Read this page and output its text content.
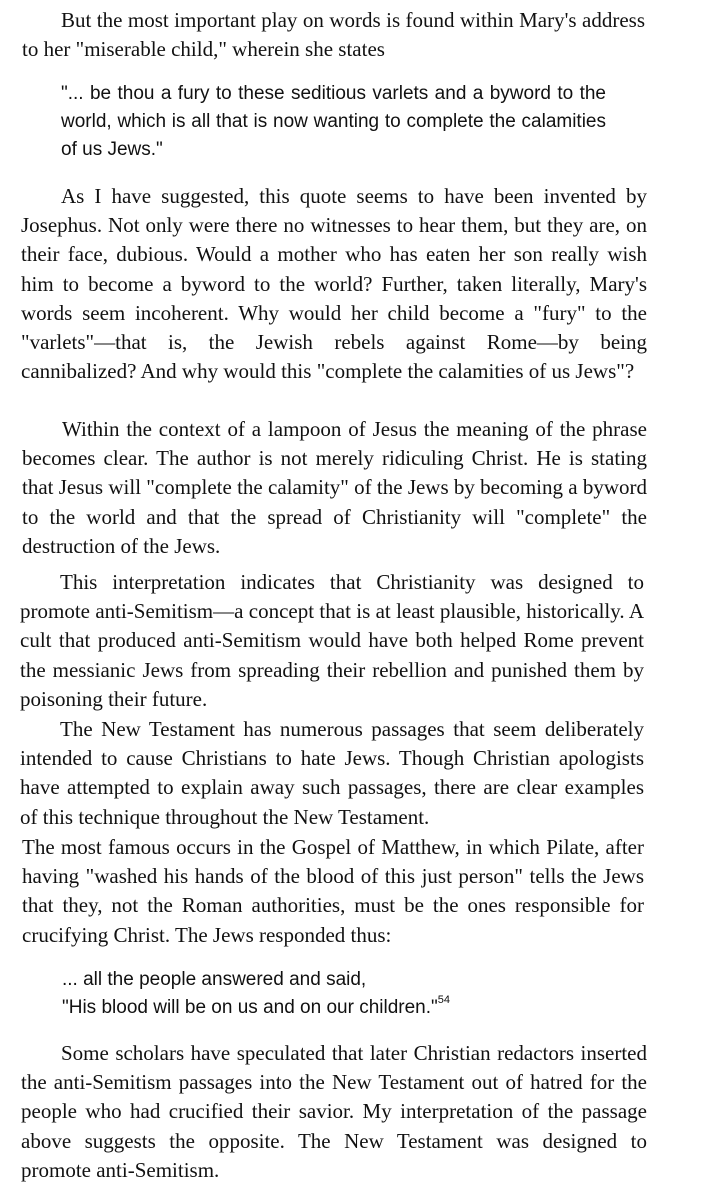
But the most important play on words is found within Mary's address to her "miserable child," wherein she states

"... be thou a fury to these seditious varlets and a byword to the world, which is all that is now wanting to complete the calamities of us Jews."

As I have suggested, this quote seems to have been invented by Josephus. Not only were there no witnesses to hear them, but they are, on their face, dubious. Would a mother who has eaten her son really wish him to become a byword to the world? Further, taken literally, Mary's words seem incoherent. Why would her child become a "fury" to the "varlets"—that is, the Jewish rebels against Rome—by being cannibalized? And why would this "complete the calamities of us Jews"?

Within the context of a lampoon of Jesus the meaning of the phrase becomes clear. The author is not merely ridiculing Christ. He is stating that Jesus will "complete the calamity" of the Jews by becoming a byword to the world and that the spread of Christianity will "complete" the destruction of the Jews.

This interpretation indicates that Christianity was designed to promote anti-Semitism—a concept that is at least plausible, historically. A cult that produced anti-Semitism would have both helped Rome prevent the messianic Jews from spreading their rebellion and punished them by poisoning their future.

The New Testament has numerous passages that seem deliberately intended to cause Christians to hate Jews. Though Christian apologists have attempted to explain away such passages, there are clear examples of this technique throughout the New Testament.

The most famous occurs in the Gospel of Matthew, in which Pilate, after having "washed his hands of the blood of this just person" tells the Jews that they, not the Roman authorities, must be the ones responsible for crucifying Christ. The Jews responded thus:

... all the people answered and said,
"His blood will be on us and on our children."$^{54}$

Some scholars have speculated that later Christian redactors inserted the anti-Semitism passages into the New Testament out of hatred for the people who had crucified their savior. My interpretation of the passage above suggests the opposite. The New Testament was designed to promote anti-Semitism.
